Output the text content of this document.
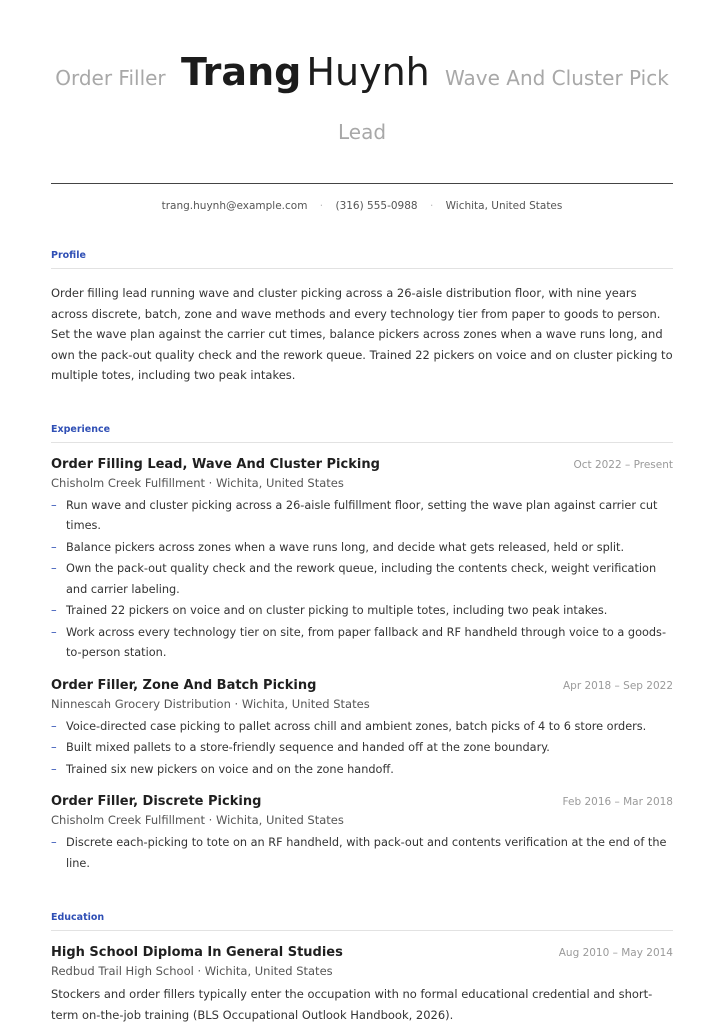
Order Filler Trang Huynh Wave And Cluster Pick Lead
trang.huynh@example.com · (316) 555-0988 · Wichita, United States
Profile

Order filling lead running wave and cluster picking across a 26-aisle distribution floor, with nine years across discrete, batch, zone and wave methods and every technology tier from paper to goods to person. Set the wave plan against the carrier cut times, balance pickers across zones when a wave runs long, and own the pack-out quality check and the rework queue. Trained 22 pickers on voice and on cluster picking to multiple totes, including two peak intakes.

Experience
Order Filling Lead, Wave And Cluster Picking	Oct 2022 – Present
Chisholm Creek Fulfillment · Wichita, United States
– Run wave and cluster picking across a 26-aisle fulfillment floor, setting the wave plan against carrier cut times.
– Balance pickers across zones when a wave runs long, and decide what gets released, held or split.
– Own the pack-out quality check and the rework queue, including the contents check, weight verification and carrier labeling.
– Trained 22 pickers on voice and on cluster picking to multiple totes, including two peak intakes.
– Work across every technology tier on site, from paper fallback and RF handheld through voice to a goods-to-person station.
Order Filler, Zone And Batch Picking	Apr 2018 – Sep 2022
Ninnescah Grocery Distribution · Wichita, United States
– Voice-directed case picking to pallet across chill and ambient zones, batch picks of 4 to 6 store orders.
– Built mixed pallets to a store-friendly sequence and handed off at the zone boundary.
– Trained six new pickers on voice and on the zone handoff.
Order Filler, Discrete Picking	Feb 2016 – Mar 2018
Chisholm Creek Fulfillment · Wichita, United States
– Discrete each-picking to tote on an RF handheld, with pack-out and contents verification at the end of the line.
Education
High School Diploma In General Studies	Aug 2010 – May 2014
Redbud Trail High School · Wichita, United States

Stockers and order fillers typically enter the occupation with no formal educational credential and short-term on-the-job training (BLS Occupational Outlook Handbook, 2026).
